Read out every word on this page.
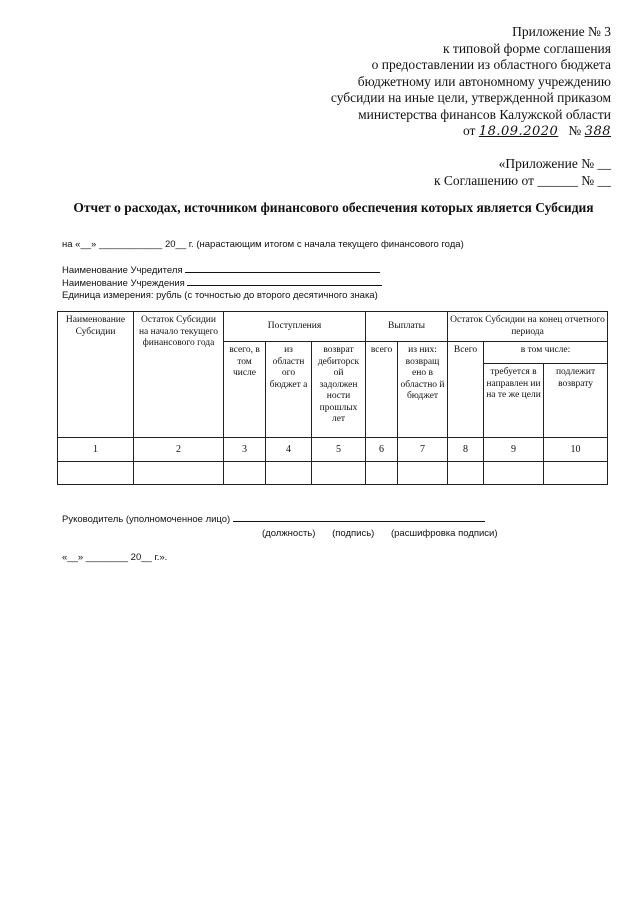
Приложение № 3
к типовой форме соглашения
о предоставлении из областного бюджета
бюджетному или автономному учреждению
субсидии на иные цели, утвержденной приказом
министерства финансов Калужской области
от 18.09.2020 № 388
«Приложение № __
к Соглашению от ______ № __
Отчет о расходах, источником финансового обеспечения которых является Субсидия
на «__» ____________ 20__ г. (нарастающим итогом с начала текущего финансового года)
Наименование Учредителя
Наименование Учреждения
Единица измерения: рубль (с точностью до второго десятичного знака)
Наименование Субсидии	Остаток Субсидии на начало текущего финансового года	Поступления			Выплаты		Остаток Субсидии на конец отчетного периода		
		всего, в том числе	из областн ого бюджет а	возврат дебиторск ой задолжен ности прошлых лет	всего	из них: возвращ ено в областно й бюджет	Всего	в том числе:	
								требуется в направлен ии на те же цели	подлежит возврату
1	2	3	4	5	6	7	8	9	10

Руководитель (уполномоченное лицо)
(должность) (подпись) (расшифровка подписи)
«__» ________ 20__ г.».
